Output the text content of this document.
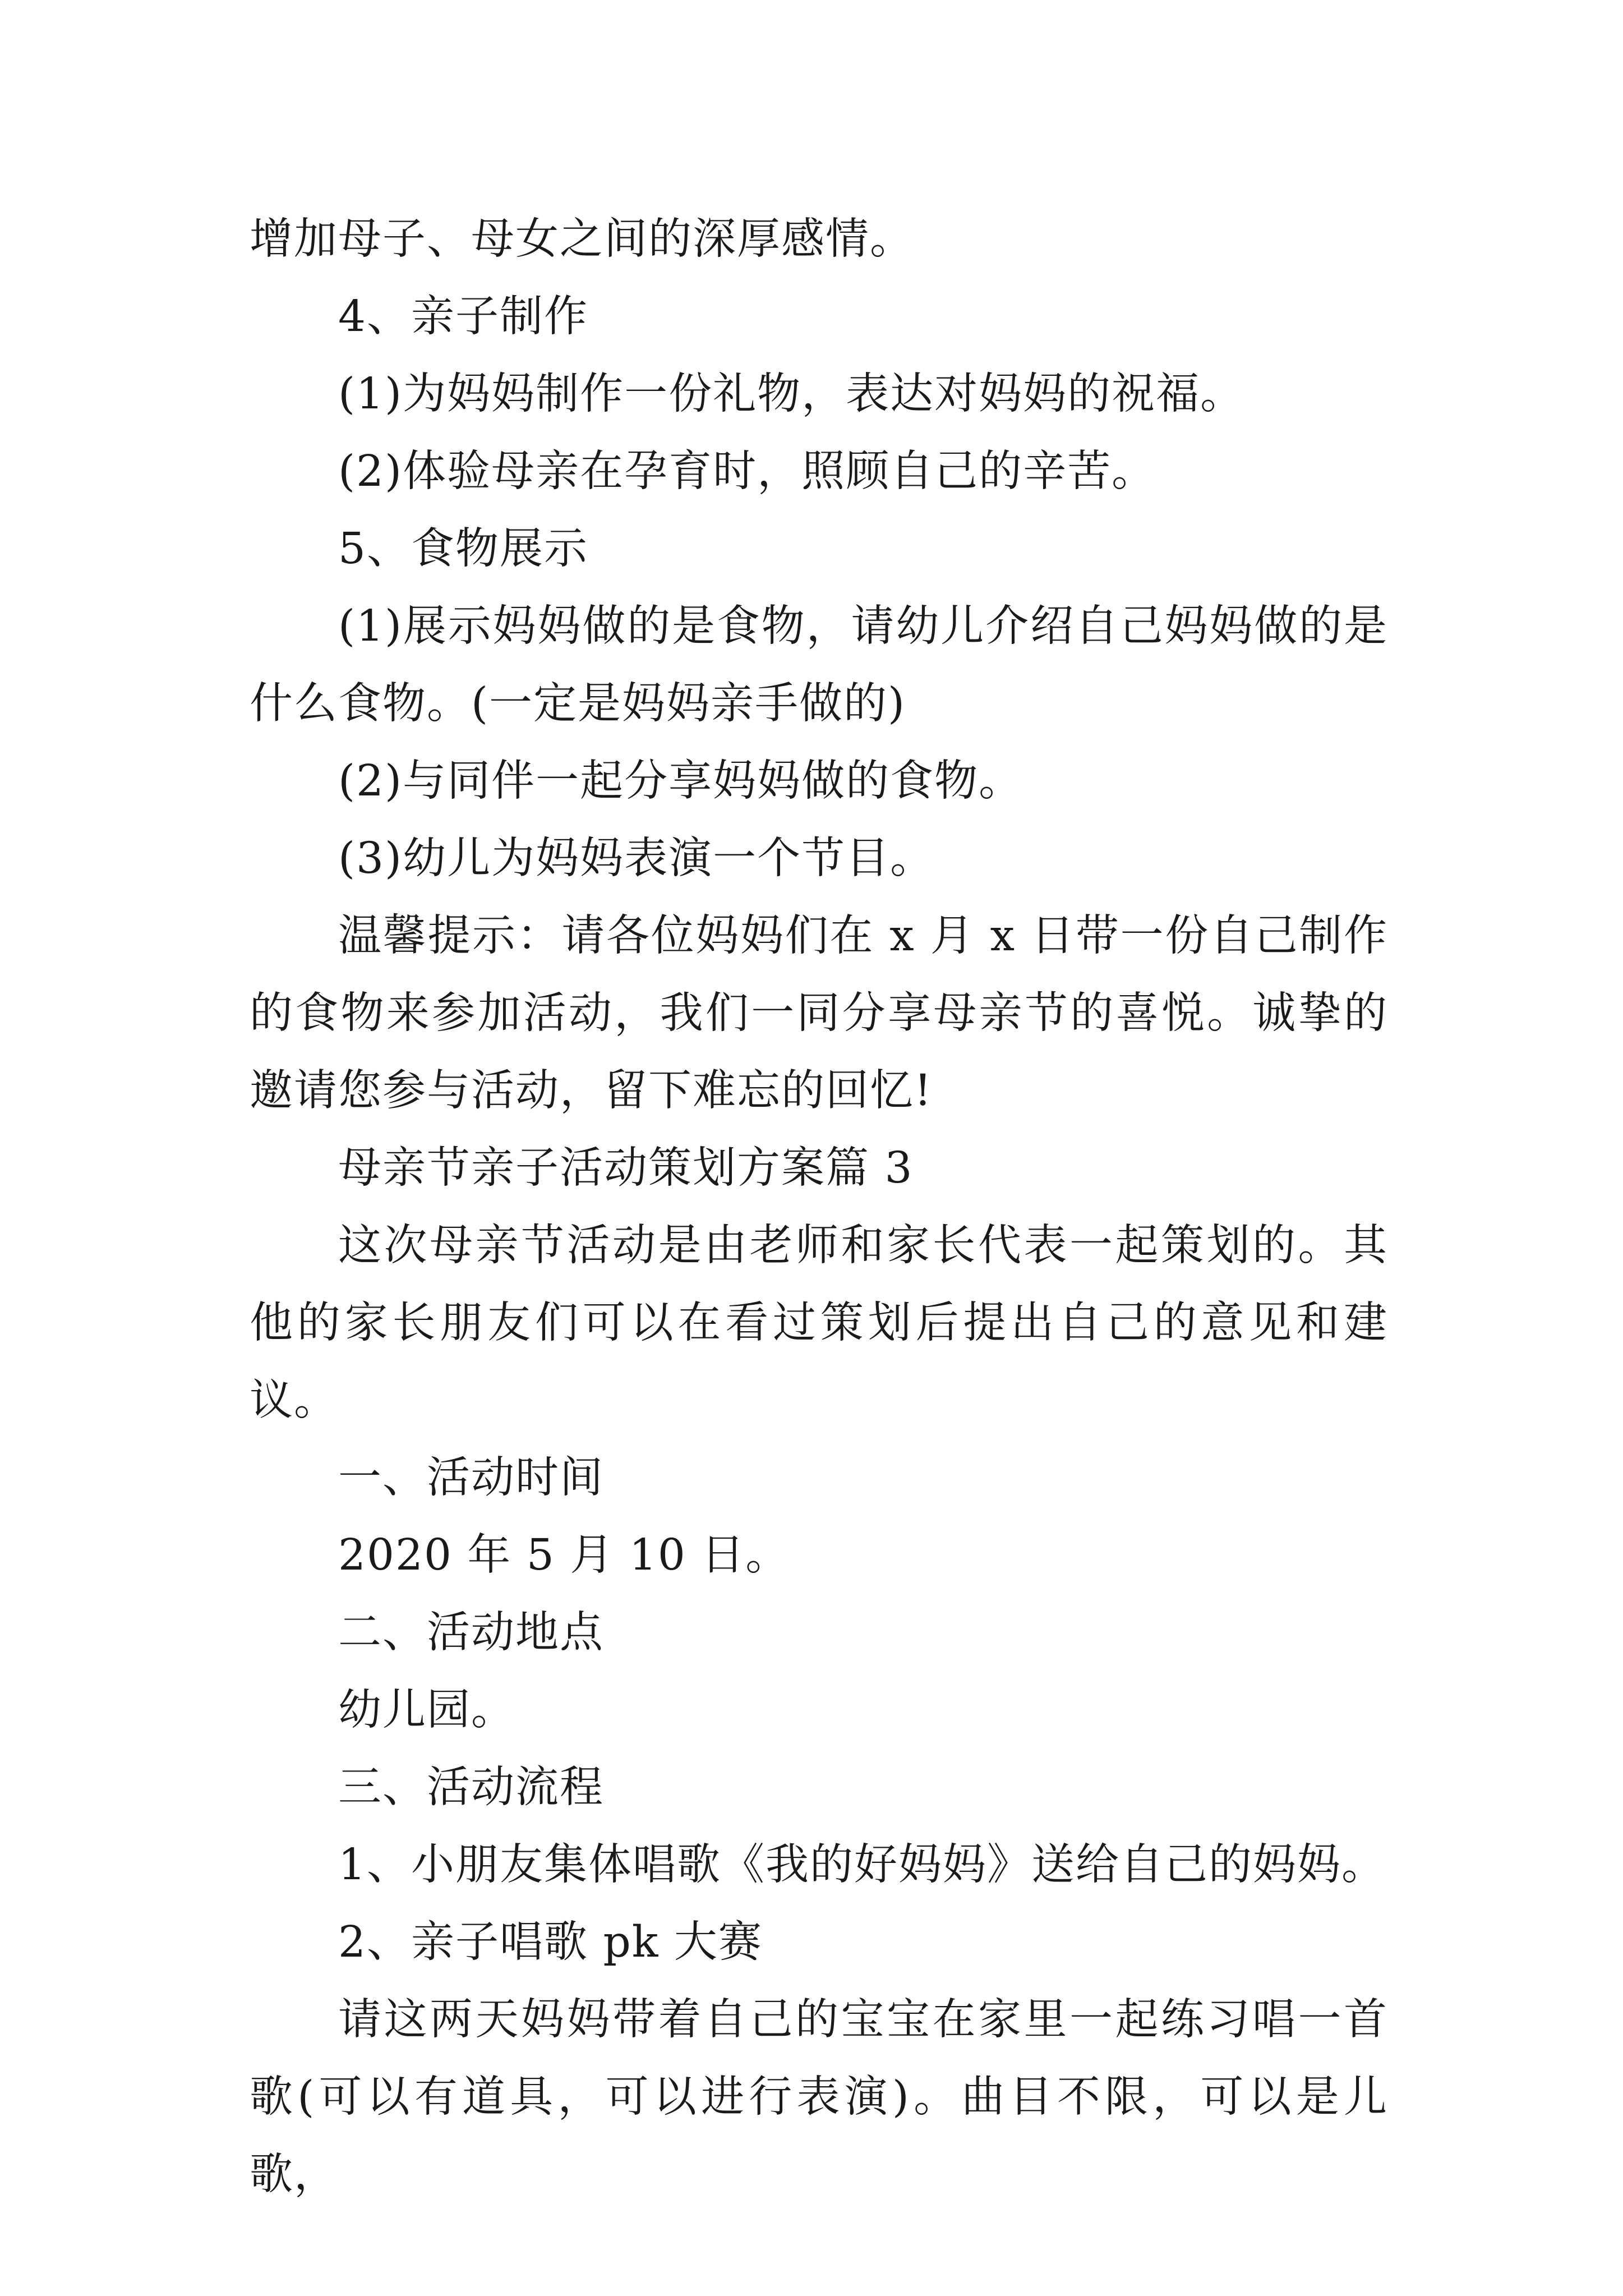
增加母子、母女之间的深厚感情。

4、亲子制作

(1)为妈妈制作一份礼物，表达对妈妈的祝福。

(2)体验母亲在孕育时，照顾自己的辛苦。

5、食物展示

(1)展示妈妈做的是食物，请幼儿介绍自己妈妈做的是什么食物。(一定是妈妈亲手做的)

(2)与同伴一起分享妈妈做的食物。

(3)幼儿为妈妈表演一个节目。

温馨提示：请各位妈妈们在 x 月 x 日带一份自己制作的食物来参加活动，我们一同分享母亲节的喜悦。诚挚的邀请您参与活动，留下难忘的回忆!

母亲节亲子活动策划方案篇 3

这次母亲节活动是由老师和家长代表一起策划的。其他的家长朋友们可以在看过策划后提出自己的意见和建议。

一、活动时间

2020 年 5 月 10 日。

二、活动地点

幼儿园。

三、活动流程

1、小朋友集体唱歌《我的好妈妈》送给自己的妈妈。

2、亲子唱歌 pk 大赛

请这两天妈妈带着自己的宝宝在家里一起练习唱一首歌(可以有道具，可以进行表演)。曲目不限，可以是儿歌，
